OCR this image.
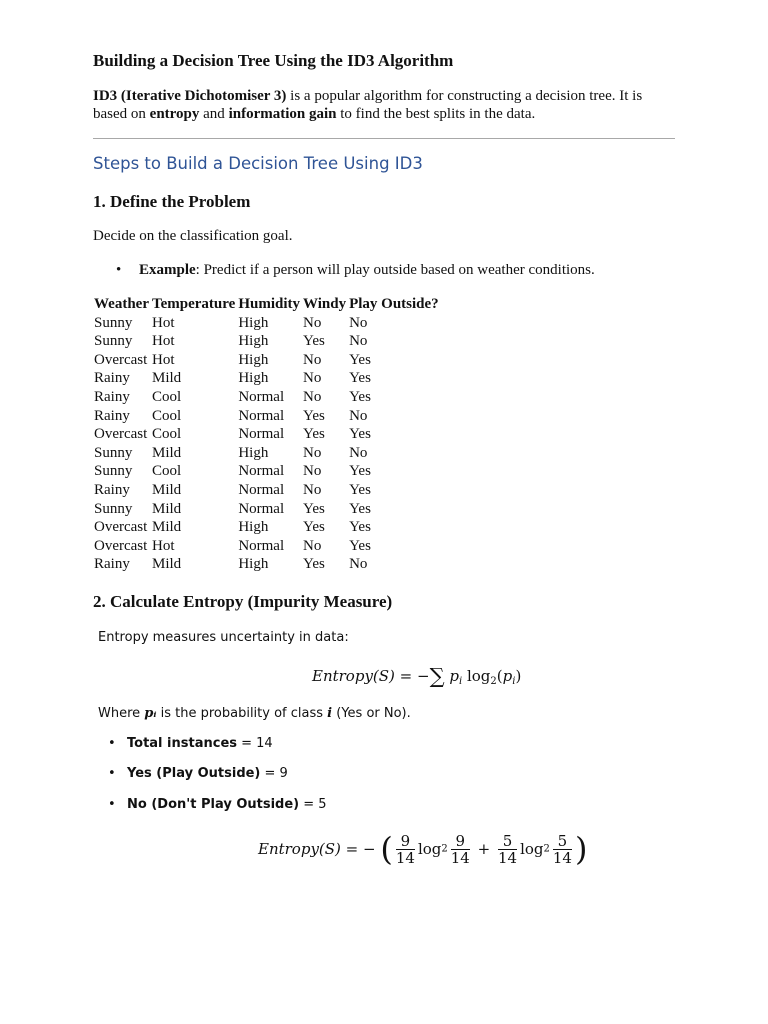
Building a Decision Tree Using the ID3 Algorithm

ID3 (Iterative Dichotomiser 3) is a popular algorithm for constructing a decision tree. It is based on entropy and information gain to find the best splits in the data.

Steps to Build a Decision Tree Using ID3
1. Define the Problem

Decide on the classification goal.

• Example: Predict if a person will play outside based on weather conditions.
Weather	Temperature	Humidity	Windy	Play Outside?
Sunny	Hot	High	No	No
Sunny	Hot	High	Yes	No
Overcast	Hot	High	No	Yes
Rainy	Mild	High	No	Yes
Rainy	Cool	Normal	No	Yes
Rainy	Cool	Normal	Yes	No
Overcast	Cool	Normal	Yes	Yes
Sunny	Mild	High	No	No
Sunny	Cool	Normal	No	Yes
Rainy	Mild	Normal	No	Yes
Sunny	Mild	Normal	Yes	Yes
Overcast	Mild	High	Yes	Yes
Overcast	Hot	Normal	No	Yes
Rainy	Mild	High	Yes	No
2. Calculate Entropy (Impurity Measure)

Entropy measures uncertainty in data:

Entropy(S) = −∑ $p_i$ $\log_2(p_i)$

Where pᵢ is the probability of class i (Yes or No).

• Total instances = 14
• Yes (Play Outside) = 9
• No (Don't Play Outside) = 5
Entropy(S) = − ( $\frac{9}{14} \log 2 \frac{9}{14} + \frac{5}{14} \log 2 \frac{5}{14}$ )
